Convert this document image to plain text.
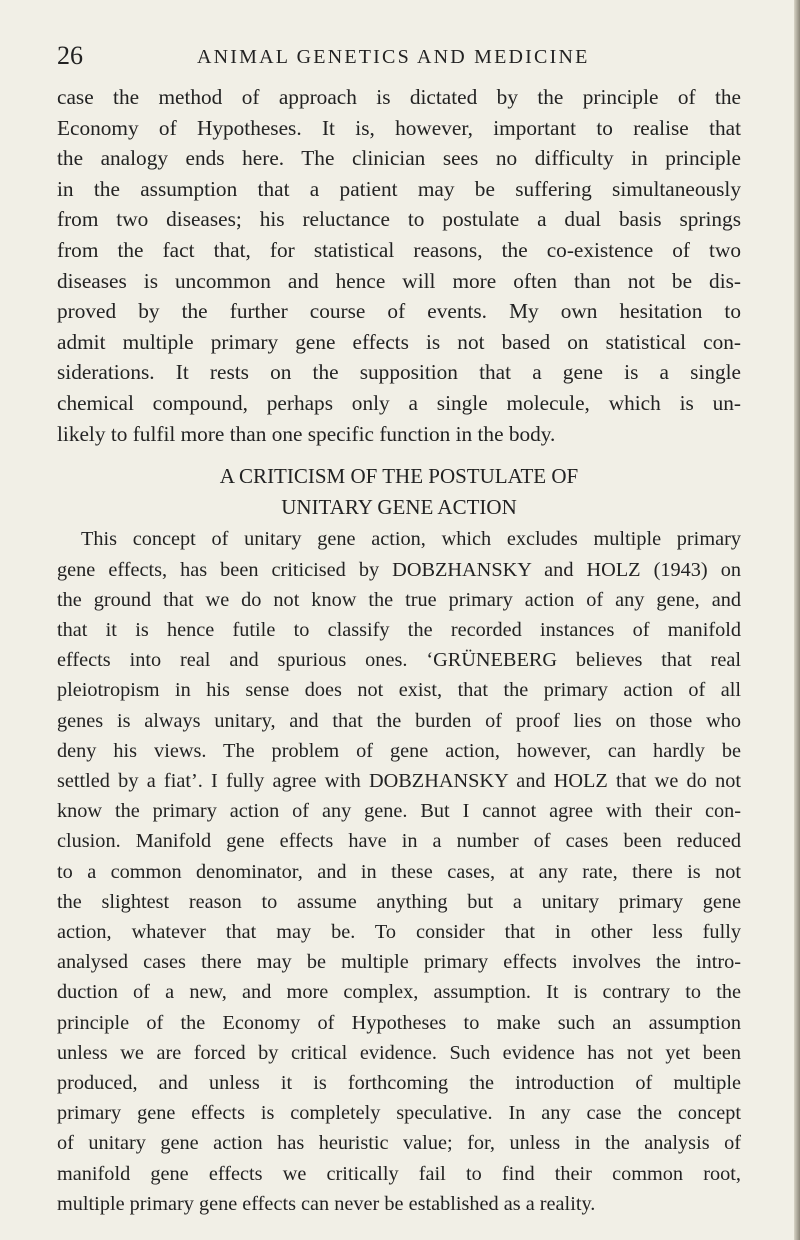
26	ANIMAL GENETICS AND MEDICINE

case the method of approach is dictated by the principle of the
Economy of Hypotheses. It is, however, important to realise that
the analogy ends here. The clinician sees no difficulty in principle
in the assumption that a patient may be suffering simultaneously
from two diseases; his reluctance to postulate a dual basis springs
from the fact that, for statistical reasons, the co-existence of two
diseases is uncommon and hence will more often than not be dis-
proved by the further course of events. My own hesitation to
admit multiple primary gene effects is not based on statistical con-
siderations. It rests on the supposition that a gene is a single
chemical compound, perhaps only a single molecule, which is un-
likely to fulfil more than one specific function in the body.

A CRITICISM OF THE POSTULATE OF
UNITARY GENE ACTION

This concept of unitary gene action, which excludes multiple primary
gene effects, has been criticised by DOBZHANSKY and HOLZ (1943) on
the ground that we do not know the true primary action of any gene, and
that it is hence futile to classify the recorded instances of manifold
effects into real and spurious ones. ‘GRÜNEBERG believes that real
pleiotropism in his sense does not exist, that the primary action of all
genes is always unitary, and that the burden of proof lies on those who
deny his views. The problem of gene action, however, can hardly be
settled by a fiat’. I fully agree with DOBZHANSKY and HOLZ that we do not
know the primary action of any gene. But I cannot agree with their con-
clusion. Manifold gene effects have in a number of cases been reduced
to a common denominator, and in these cases, at any rate, there is not
the slightest reason to assume anything but a unitary primary gene
action, whatever that may be. To consider that in other less fully
analysed cases there may be multiple primary effects involves the intro-
duction of a new, and more complex, assumption. It is contrary to the
principle of the Economy of Hypotheses to make such an assumption
unless we are forced by critical evidence. Such evidence has not yet been
produced, and unless it is forthcoming the introduction of multiple
primary gene effects is completely speculative. In any case the concept
of unitary gene action has heuristic value; for, unless in the analysis of
manifold gene effects we critically fail to find their common root,
multiple primary gene effects can never be established as a reality.
